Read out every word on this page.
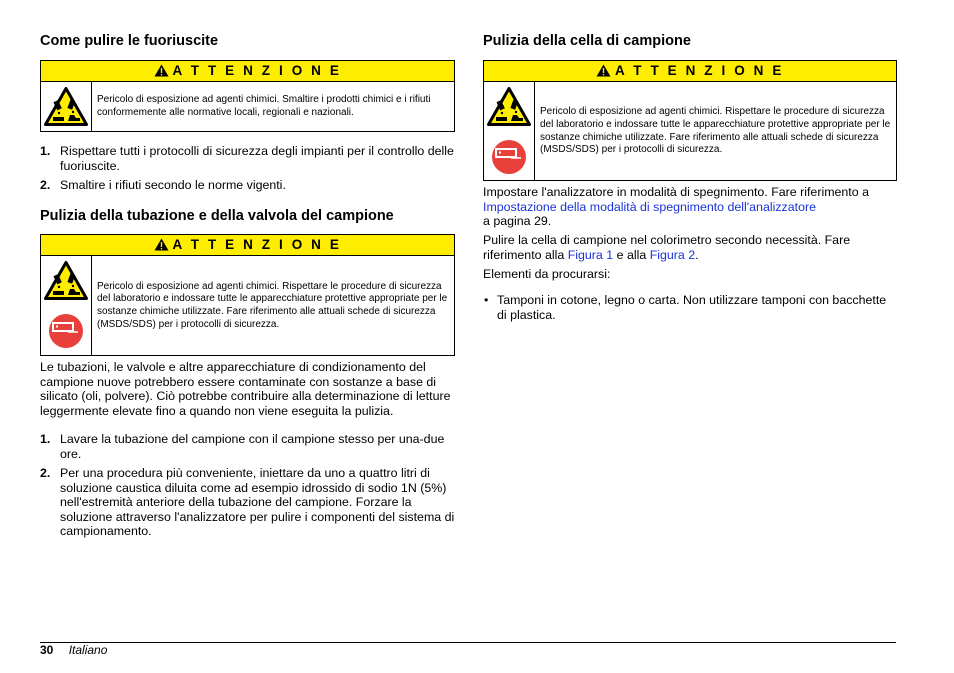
Come pulire le fuoriuscite
A T T E N Z I O N E
Pericolo di esposizione ad agenti chimici. Smaltire i prodotti chimici e i rifiuti conformemente alle normative locali, regionali e nazionali.
1. Rispettare tutti i protocolli di sicurezza degli impianti per il controllo delle fuoriuscite.
2. Smaltire i rifiuti secondo le norme vigenti.
Pulizia della tubazione e della valvola del campione
A T T E N Z I O N E
Pericolo di esposizione ad agenti chimici. Rispettare le procedure di sicurezza del laboratorio e indossare tutte le apparecchiature protettive appropriate per le sostanze chimiche utilizzate. Fare riferimento alle attuali schede di sicurezza (MSDS/SDS) per i protocolli di sicurezza.
Le tubazioni, le valvole e altre apparecchiature di condizionamento del campione nuove potrebbero essere contaminate con sostanze a base di silicato (oli, polvere). Ciò potrebbe contribuire alla determinazione di letture leggermente elevate fino a quando non viene eseguita la pulizia.
1. Lavare la tubazione del campione con il campione stesso per una-due ore.
2. Per una procedura più conveniente, iniettare da uno a quattro litri di soluzione caustica diluita come ad esempio idrossido di sodio 1N (5%) nell'estremità anteriore della tubazione del campione. Forzare la soluzione attraverso l'analizzatore per pulire i componenti del sistema di campionamento.
Pulizia della cella di campione
A T T E N Z I O N E
Pericolo di esposizione ad agenti chimici. Rispettare le procedure di sicurezza del laboratorio e indossare tutte le apparecchiature protettive appropriate per le sostanze chimiche utilizzate. Fare riferimento alle attuali schede di sicurezza (MSDS/SDS) per i protocolli di sicurezza.
Impostare l'analizzatore in modalità di spegnimento. Fare riferimento a
Impostazione della modalità di spegnimento dell'analizzatore
a pagina 29.
Pulire la cella di campione nel colorimetro secondo necessità. Fare riferimento alla Figura 1 e alla Figura 2.
Elementi da procurarsi:
• Tamponi in cotone, legno o carta. Non utilizzare tamponi con bacchette di plastica.
30 Italiano
